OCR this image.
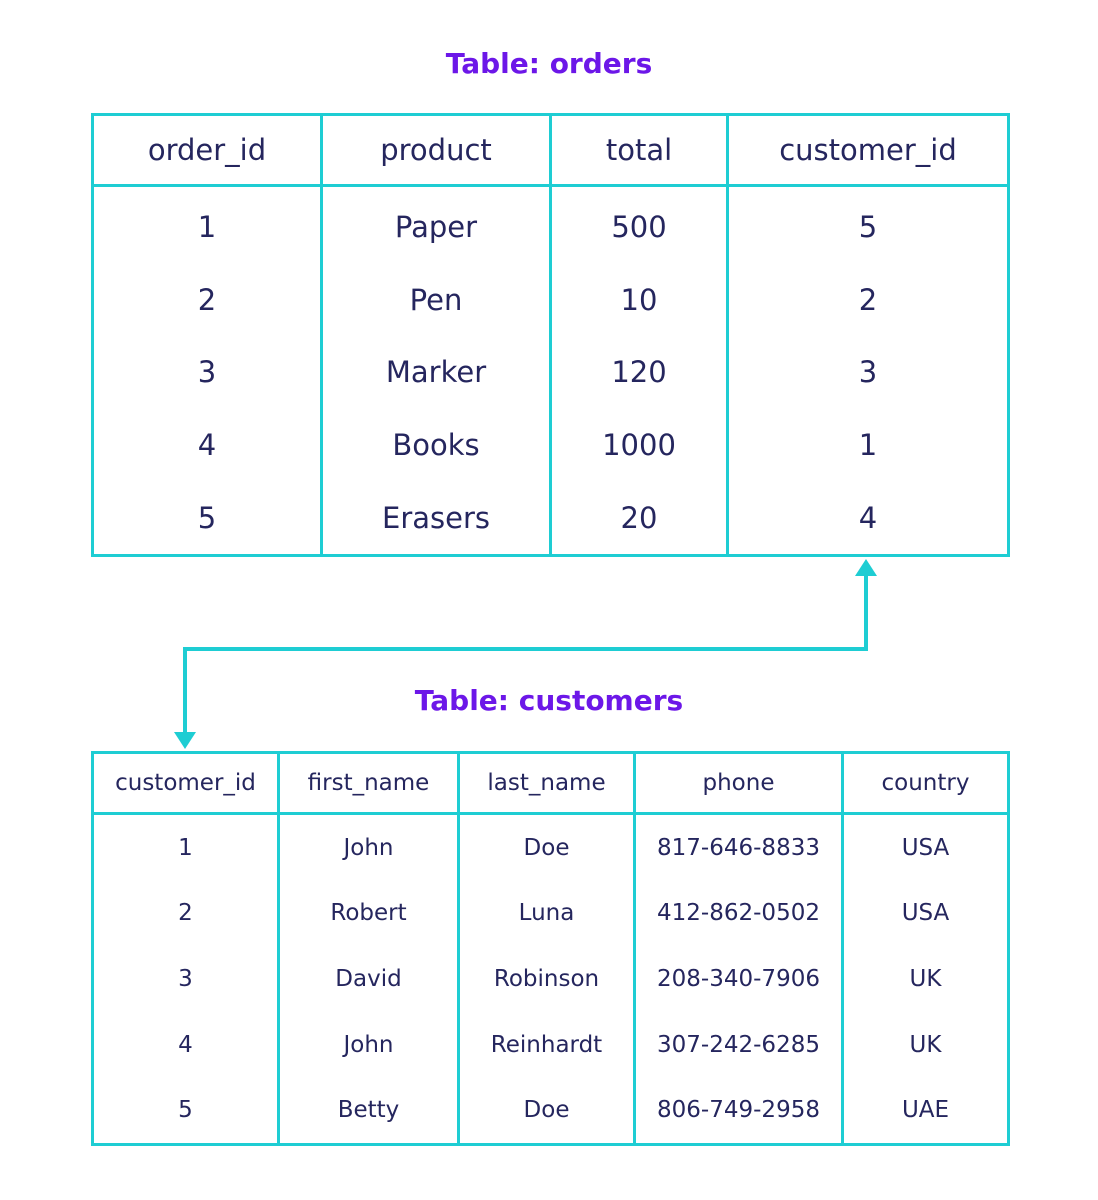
Table: orders
order_id	product	total	customer_id
1	Paper	500	5
2	Pen	10	2
3	Marker	120	3
4	Books	1000	1
5	Erasers	20	4
Table: customers
customer_id	first_name	last_name	phone	country
1	John	Doe	817-646-8833	USA
2	Robert	Luna	412-862-0502	USA
3	David	Robinson	208-340-7906	UK
4	John	Reinhardt	307-242-6285	UK
5	Betty	Doe	806-749-2958	UAE
